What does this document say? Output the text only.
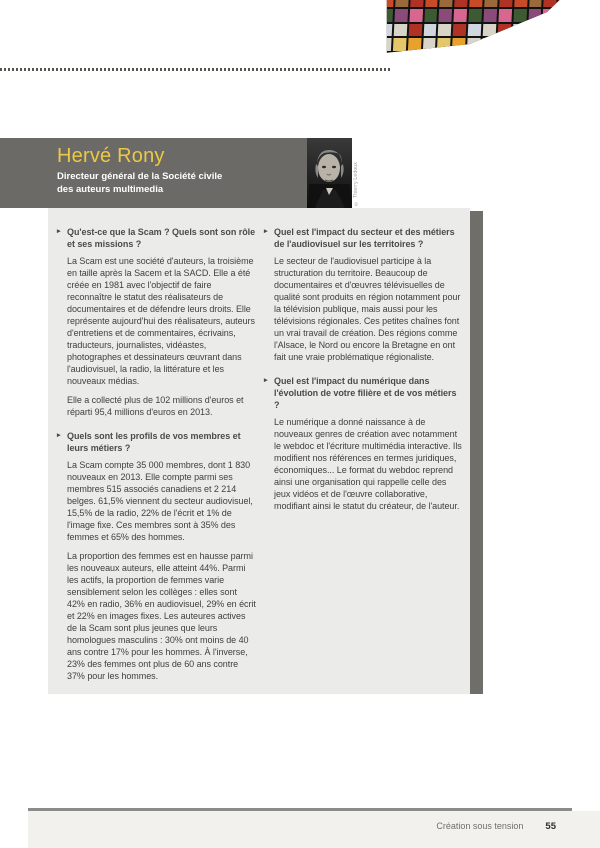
Hervé Rony
Directeur général de la Société civile
des auteurs multimedia	© Thierry Ledoux
▸ Qu'est-ce que la Scam ? Quels sont son rôle et ses missions ?

La Scam est une société d'auteurs, la troisième en taille après la Sacem et la SACD. Elle a été créée en 1981 avec l'objectif de faire reconnaître le statut des réalisateurs de documentaires et de défendre leurs droits. Elle représente aujourd'hui des réalisateurs, auteurs d'entretiens et de commentaires, écrivains, traducteurs, journalistes, vidéastes, photographes et dessinateurs œuvrant dans l'audiovisuel, la radio, la littérature et les nouveaux médias.

Elle a collecté plus de 102 millions d'euros et réparti 95,4 millions d'euros en 2013.

▸ Quels sont les profils de vos membres et leurs métiers ?

La Scam compte 35 000 membres, dont 1 830 nouveaux en 2013. Elle compte parmi ses membres 515 associés canadiens et 2 214 belges. 61,5% viennent du secteur audiovisuel, 15,5% de la radio, 22% de l'écrit et 1% de l'image fixe. Ces membres sont à 35% des femmes et 65% des hommes.

La proportion des femmes est en hausse parmi les nouveaux auteurs, elle atteint 44%. Parmi les actifs, la proportion de femmes varie sensiblement selon les collèges : elles sont 42% en radio, 36% en audiovisuel, 29% en écrit et 22% en images fixes. Les auteures actives de la Scam sont plus jeunes que leurs homologues masculins : 30% ont moins de 40 ans contre 17% pour les hommes. À l'inverse, 23% des femmes ont plus de 60 ans contre 37% pour les hommes.

▸ Quel est l'impact du secteur et des métiers de l'audiovisuel sur les territoires ?

Le secteur de l'audiovisuel participe à la structuration du territoire. Beaucoup de documentaires et d'œuvres télévisuelles de qualité sont produits en région notamment pour la télévision publique, mais aussi pour les télévisions régionales. Ces petites chaînes font un vrai travail de création. Des régions comme l'Alsace, le Nord ou encore la Bretagne en ont fait une vraie problématique régionaliste.

▸ Quel est l'impact du numérique dans l'évolution de votre filière et de vos métiers ?

Le numérique a donné naissance à de nouveaux genres de création avec notamment le webdoc et l'écriture multimédia interactive. Ils modifient nos références en termes juridiques, économiques... Le format du webdoc reprend ainsi une organisation qui rappelle celle des jeux vidéos et de l'œuvre collaborative, modifiant ainsi le statut du créateur, de l'auteur.

Création sous tension 55
